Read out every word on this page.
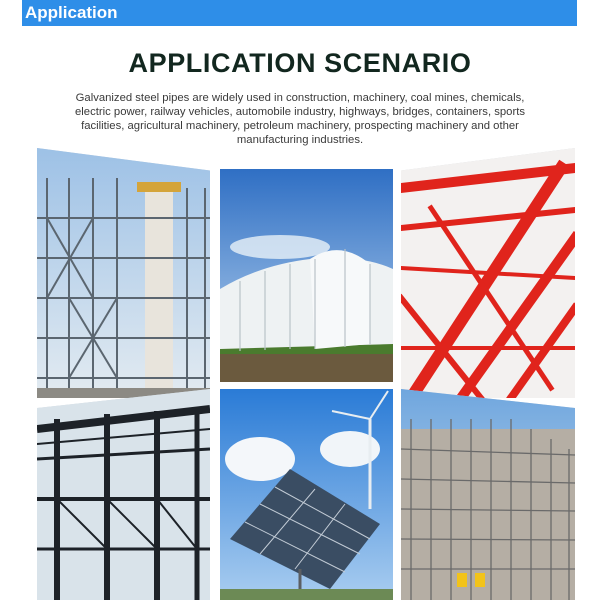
Application
APPLICATION SCENARIO
Galvanized steel pipes are widely used in construction, machinery, coal mines, chemicals, electric power, railway vehicles, automobile industry, highways, bridges, containers, sports facilities, agricultural machinery, petroleum machinery, prospecting machinery and other manufacturing industries.
